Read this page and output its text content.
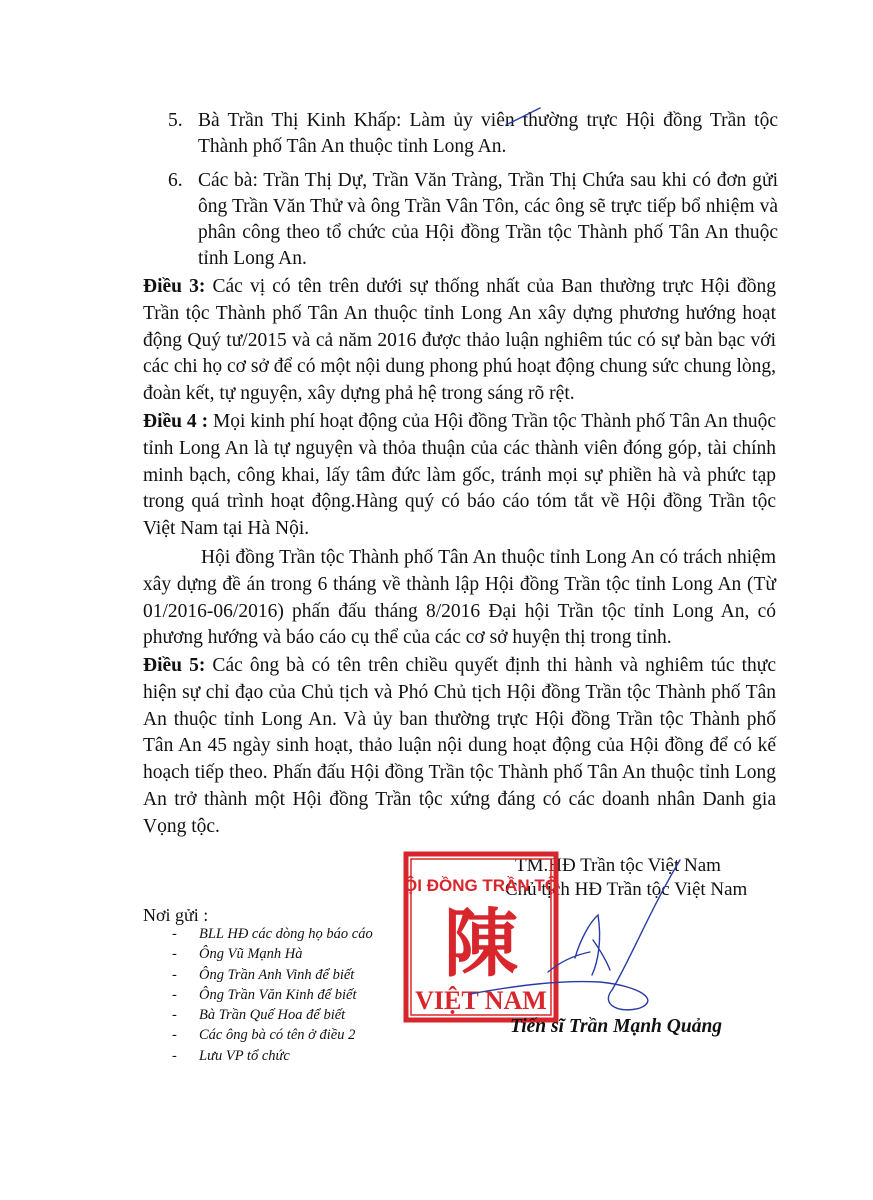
5. Bà Trần Thị Kinh Khấp: Làm ủy viên thường trực Hội đồng Trần tộc Thành phố Tân An thuộc tỉnh Long An.
6. Các bà: Trần Thị Dự, Trần Văn Tràng, Trần Thị Chứa sau khi có đơn gửi ông Trần Văn Thử và ông Trần Vân Tôn, các ông sẽ trực tiếp bổ nhiệm và phân công theo tổ chức của Hội đồng Trần tộc Thành phố Tân An thuộc tỉnh Long An.
Điều 3: Các vị có tên trên dưới sự thống nhất của Ban thường trực Hội đồng Trần tộc Thành phố Tân An thuộc tỉnh Long An xây dựng phương hướng hoạt động Quý tư/2015 và cả năm 2016 được thảo luận nghiêm túc có sự bàn bạc với các chi họ cơ sở để có một nội dung phong phú hoạt động chung sức chung lòng, đoàn kết, tự nguyện, xây dựng phả hệ trong sáng rõ rệt.
Điều 4 : Mọi kinh phí hoạt động của Hội đồng Trần tộc Thành phố Tân An thuộc tỉnh Long An là tự nguyện và thỏa thuận của các thành viên đóng góp, tài chính minh bạch, công khai, lấy tâm đức làm gốc, tránh mọi sự phiền hà và phức tạp trong quá trình hoạt động.Hàng quý có báo cáo tóm tắt về Hội đồng Trần tộc Việt Nam tại Hà Nội.
Hội đồng Trần tộc Thành phố Tân An thuộc tỉnh Long An có trách nhiệm xây dựng đề án trong 6 tháng về thành lập Hội đồng Trần tộc tỉnh Long An (Từ 01/2016-06/2016) phấn đấu tháng 8/2016 Đại hội Trần tộc tỉnh Long An, có phương hướng và báo cáo cụ thể của các cơ sở huyện thị trong tỉnh.
Điều 5: Các ông bà có tên trên chiều quyết định thi hành và nghiêm túc thực hiện sự chỉ đạo của Chủ tịch và Phó Chủ tịch Hội đồng Trần tộc Thành phố Tân An thuộc tỉnh Long An. Và ủy ban thường trực Hội đồng Trần tộc Thành phố Tân An 45 ngày sinh hoạt, thảo luận nội dung hoạt động của Hội đồng để có kế hoạch tiếp theo. Phấn đấu Hội đồng Trần tộc Thành phố Tân An thuộc tỉnh Long An trở thành một Hội đồng Trần tộc xứng đáng có các doanh nhân Danh gia Vọng tộc.
TM.HĐ Trần tộc Việt Nam
Chủ tịch HĐ Trần tộc Việt Nam
ỘI ĐỒNG TRẦN TỘ
陳
VIỆT NAM
Tiến sĩ Trần Mạnh Quảng
Nơi gửi :
- BLL HĐ các dòng họ báo cáo
- Ông Vũ Mạnh Hà
- Ông Trần Anh Vinh để biết
- Ông Trần Văn Kinh để biết
- Bà Trần Quế Hoa để biết
- Các ông bà có tên ở điều 2
- Lưu VP tổ chức
